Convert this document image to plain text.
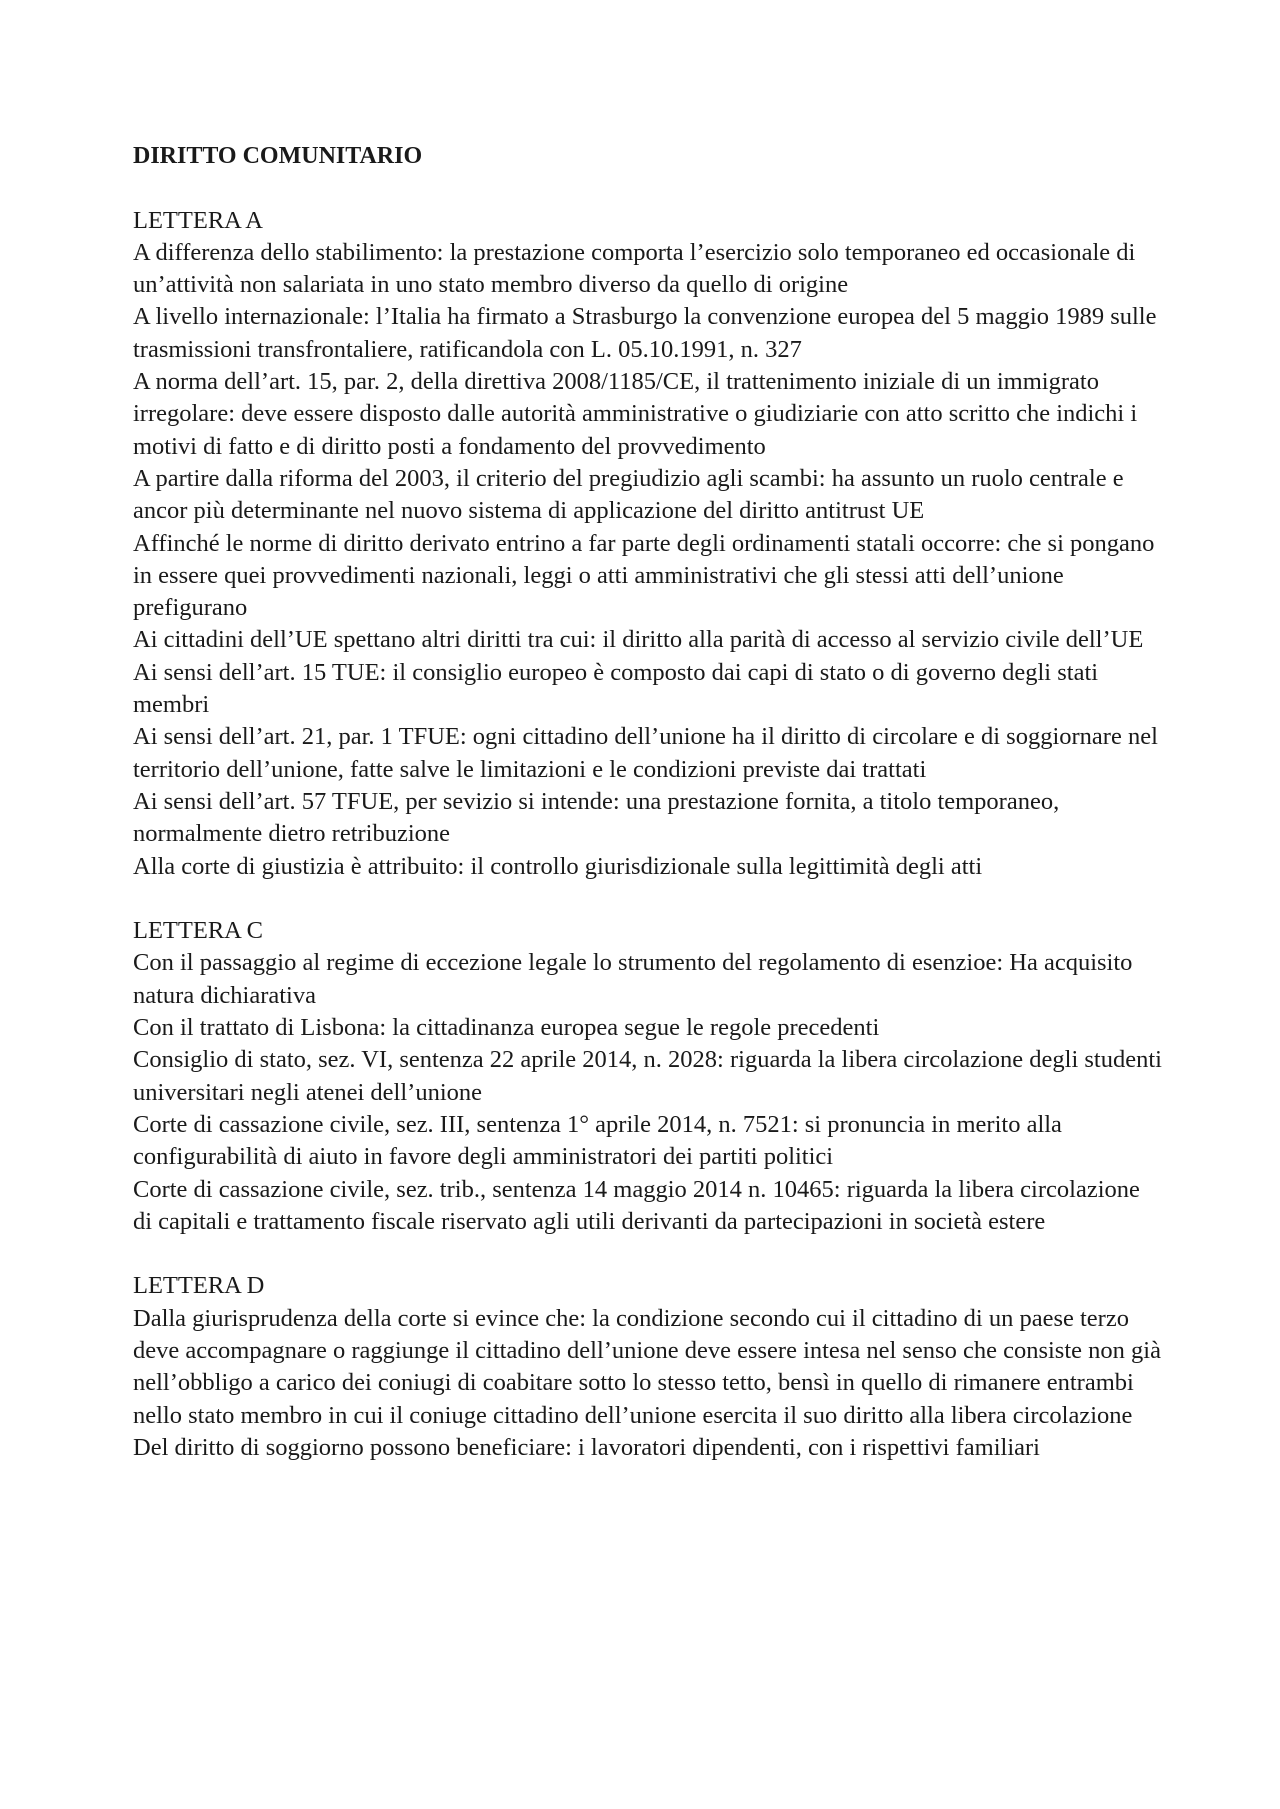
DIRITTO COMUNITARIO
LETTERA A

A differenza dello stabilimento: la prestazione comporta l’esercizio solo temporaneo ed occasionale di un’attività non salariata in uno stato membro diverso da quello di origine

A livello internazionale: l’Italia ha firmato a Strasburgo la convenzione europea del 5 maggio 1989 sulle trasmissioni transfrontaliere, ratificandola con L. 05.10.1991, n. 327

A norma dell’art. 15, par. 2, della direttiva 2008/1185/CE, il trattenimento iniziale di un immigrato irregolare: deve essere disposto dalle autorità amministrative o giudiziarie con atto scritto che indichi i motivi di fatto e di diritto posti a fondamento del provvedimento

A partire dalla riforma del 2003, il criterio del pregiudizio agli scambi: ha assunto un ruolo centrale e ancor più determinante nel nuovo sistema di applicazione del diritto antitrust UE

Affinché le norme di diritto derivato entrino a far parte degli ordinamenti statali occorre: che si pongano in essere quei provvedimenti nazionali, leggi o atti amministrativi che gli stessi atti dell’unione prefigurano

Ai cittadini dell’UE spettano altri diritti tra cui: il diritto alla parità di accesso al servizio civile dell’UE

Ai sensi dell’art. 15 TUE: il consiglio europeo è composto dai capi di stato o di governo degli stati membri

Ai sensi dell’art. 21, par. 1 TFUE: ogni cittadino dell’unione ha il diritto di circolare e di soggiornare nel territorio dell’unione, fatte salve le limitazioni e le condizioni previste dai trattati

Ai sensi dell’art. 57 TFUE, per sevizio si intende: una prestazione fornita, a titolo temporaneo, normalmente dietro retribuzione

Alla corte di giustizia è attribuito: il controllo giurisdizionale sulla legittimità degli atti

LETTERA C

Con il passaggio al regime di eccezione legale lo strumento del regolamento di esenzioe: Ha acquisito natura dichiarativa

Con il trattato di Lisbona: la cittadinanza europea segue le regole precedenti

Consiglio di stato, sez. VI, sentenza 22 aprile 2014, n. 2028: riguarda la libera circolazione degli studenti universitari negli atenei dell’unione

Corte di cassazione civile, sez. III, sentenza 1° aprile 2014, n. 7521: si pronuncia in merito alla configurabilità di aiuto in favore degli amministratori dei partiti politici

Corte di cassazione civile, sez. trib., sentenza 14 maggio 2014 n. 10465: riguarda la libera circolazione di capitali e trattamento fiscale riservato agli utili derivanti da partecipazioni in società estere

LETTERA D

Dalla giurisprudenza della corte si evince che: la condizione secondo cui il cittadino di un paese terzo deve accompagnare o raggiunge il cittadino dell’unione deve essere intesa nel senso che consiste non già nell’obbligo a carico dei coniugi di coabitare sotto lo stesso tetto, bensì in quello di rimanere entrambi nello stato membro in cui il coniuge cittadino dell’unione esercita il suo diritto alla libera circolazione

Del diritto di soggiorno possono beneficiare: i lavoratori dipendenti, con i rispettivi familiari
